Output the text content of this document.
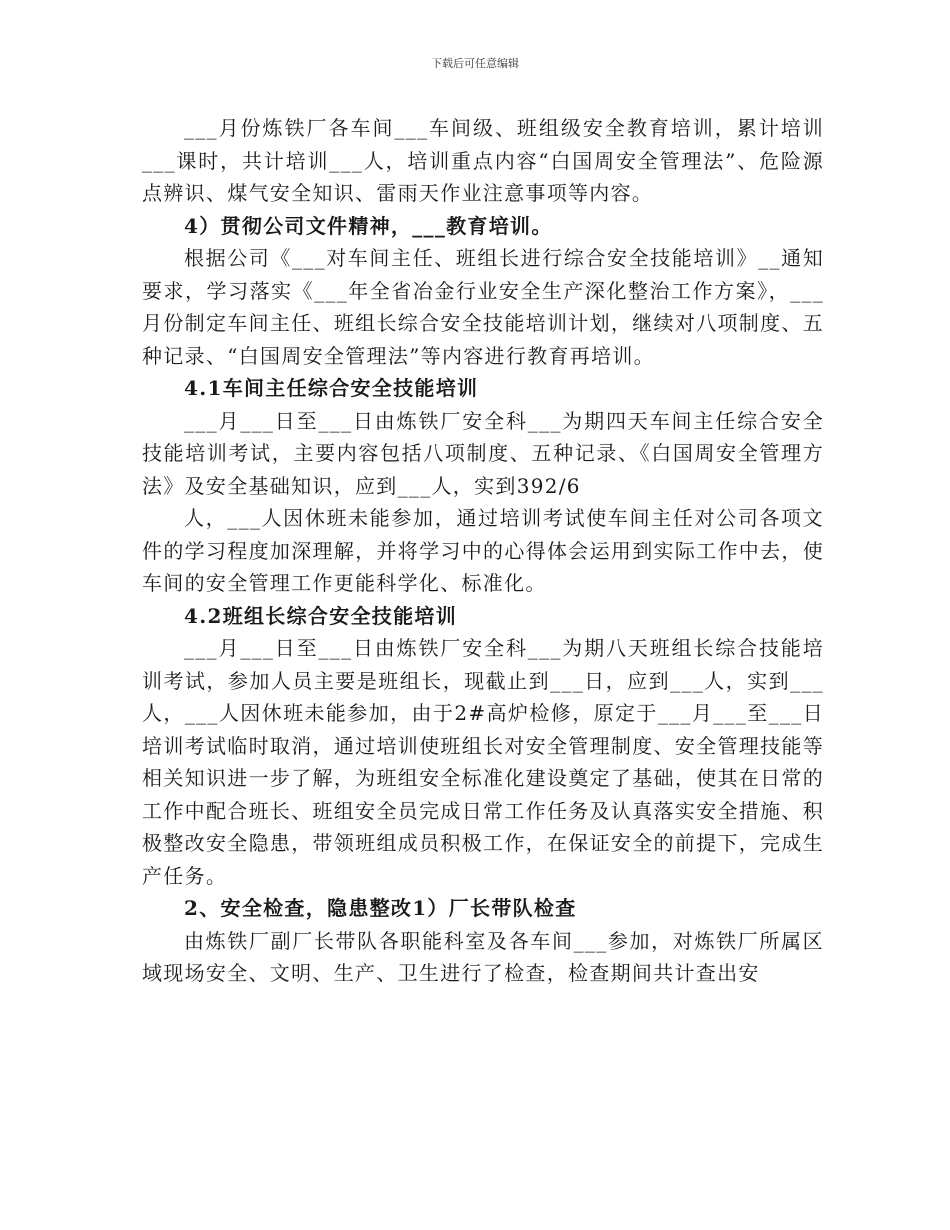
下载后可任意编辑

___月份炼铁厂各车间___车间级、班组级安全教育培训，累计培训___课时，共计培训___人，培训重点内容“白国周安全管理法”、危险源点辨识、煤气安全知识、雷雨天作业注意事项等内容。

4）贯彻公司文件精神，___教育培训。

根据公司《___对车间主任、班组长进行综合安全技能培训》__通知要求，学习落实《___年全省冶金行业安全生产深化整治工作方案》，___月份制定车间主任、班组长综合安全技能培训计划，继续对八项制度、五种记录、“白国周安全管理法”等内容进行教育再培训。

4.1车间主任综合安全技能培训

___月___日至___日由炼铁厂安全科___为期四天车间主任综合安全技能培训考试，主要内容包括八项制度、五种记录、《白国周安全管理方法》及安全基础知识，应到___人，实到392/6

人，___人因休班未能参加，通过培训考试使车间主任对公司各项文件的学习程度加深理解，并将学习中的心得体会运用到实际工作中去，使车间的安全管理工作更能科学化、标准化。

4.2班组长综合安全技能培训

___月___日至___日由炼铁厂安全科___为期八天班组长综合技能培训考试，参加人员主要是班组长，现截止到___日，应到___人，实到___人，___人因休班未能参加，由于2#高炉检修，原定于___月___至___日培训考试临时取消，通过培训使班组长对安全管理制度、安全管理技能等相关知识进一步了解，为班组安全标准化建设奠定了基础，使其在日常的工作中配合班长、班组安全员完成日常工作任务及认真落实安全措施、积极整改安全隐患，带领班组成员积极工作，在保证安全的前提下，完成生产任务。

2、安全检查，隐患整改1）厂长带队检查

由炼铁厂副厂长带队各职能科室及各车间___参加，对炼铁厂所属区域现场安全、文明、生产、卫生进行了检查，检查期间共计查出安
